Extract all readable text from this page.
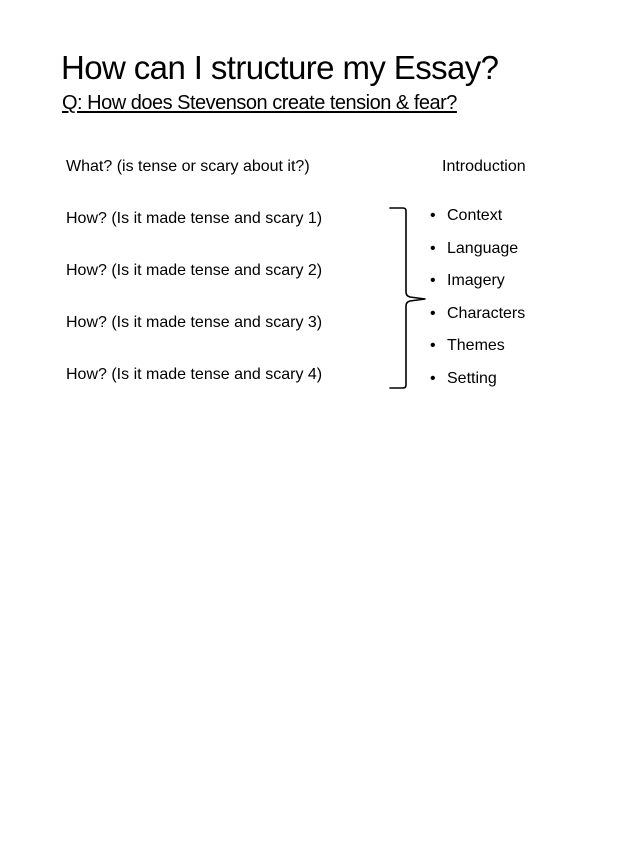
How can I structure my Essay?
Q: How does Stevenson create tension & fear?
What? (is tense or scary about it?)
How? (Is it made tense and scary 1)
How? (Is it made tense and scary 2)
How? (Is it made tense and scary 3)
How? (Is it made tense and scary 4)
Introduction
• Context
• Language
• Imagery
• Characters
• Themes
• Setting
